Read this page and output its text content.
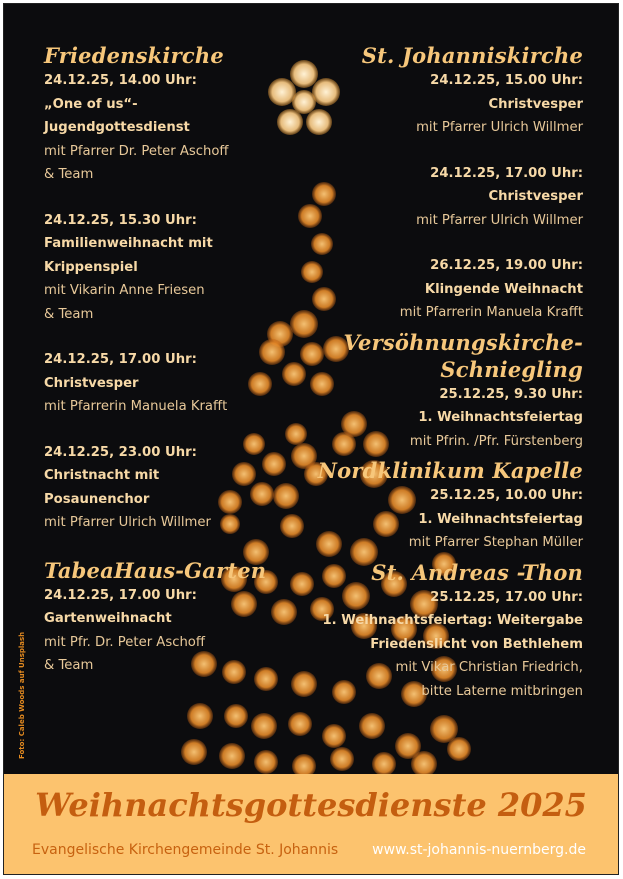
Friedenskirche
24.12.25, 14.00 Uhr:
„One of us“-
Jugendgottesdienst
mit Pfarrer Dr. Peter Aschoff
& Team
24.12.25, 15.30 Uhr:
Familienweihnacht mit
Krippenspiel
mit Vikarin Anne Friesen
& Team
24.12.25, 17.00 Uhr:
Christvesper
mit Pfarrerin Manuela Krafft
24.12.25, 23.00 Uhr:
Christnacht mit
Posaunenchor
mit Pfarrer Ulrich Willmer
TabeaHaus-Garten
24.12.25, 17.00 Uhr:
Gartenweihnacht
mit Pfr. Dr. Peter Aschoff
& Team
St. Johanniskirche
24.12.25, 15.00 Uhr:
Christvesper
mit Pfarrer Ulrich Willmer
24.12.25, 17.00 Uhr:
Christvesper
mit Pfarrer Ulrich Willmer
26.12.25, 19.00 Uhr:
Klingende Weihnacht
mit Pfarrerin Manuela Krafft
Versöhnungskirche-
Schniegling
25.12.25, 9.30 Uhr:
1. Weihnachtsfeiertag
mit Pfrin. /Pfr. Fürstenberg
Nordklinikum Kapelle
25.12.25, 10.00 Uhr:
1. Weihnachtsfeiertag
mit Pfarrer Stephan Müller
St. Andreas -Thon
25.12.25, 17.00 Uhr:
1. Weihnachtsfeiertag: Weitergabe
Friedenslicht von Bethlehem
mit Vikar Christian Friedrich,
bitte Laterne mitbringen
Foto: Caleb Woods auf Unsplash
Weihnachtsgottesdienste 2025
Evangelische Kirchengemeinde St. Johannis www.st-johannis-nuernberg.de
